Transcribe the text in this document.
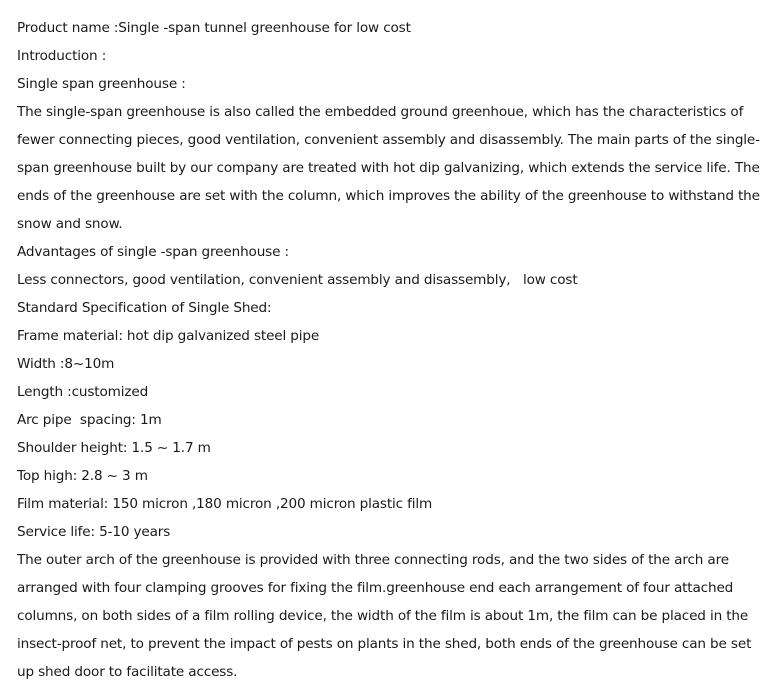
Product name :Single -span tunnel greenhouse for low cost

Introduction :

Single span greenhouse :

The single-span greenhouse is also called the embedded ground greenhoue, which has the characteristics of fewer connecting pieces, good ventilation, convenient assembly and disassembly. The main parts of the single-span greenhouse built by our company are treated with hot dip galvanizing, which extends the service life. The ends of the greenhouse are set with the column, which improves the ability of the greenhouse to withstand the snow and snow.

Advantages of single -span greenhouse :

Less connectors, good ventilation, convenient assembly and disassembly,   low cost

Standard Specification of Single Shed:

Frame material: hot dip galvanized steel pipe

Width :8~10m

Length :customized

Arc pipe  spacing: 1m

Shoulder height: 1.5 ~ 1.7 m

Top high: 2.8 ~ 3 m

Film material: 150 micron ,180 micron ,200 micron plastic film

Service life: 5-10 years

The outer arch of the greenhouse is provided with three connecting rods, and the two sides of the arch are arranged with four clamping grooves for fixing the film.greenhouse end each arrangement of four attached columns, on both sides of a film rolling device, the width of the film is about 1m, the film can be placed in the insect-proof net, to prevent the impact of pests on plants in the shed, both ends of the greenhouse can be set up shed door to facilitate access.
